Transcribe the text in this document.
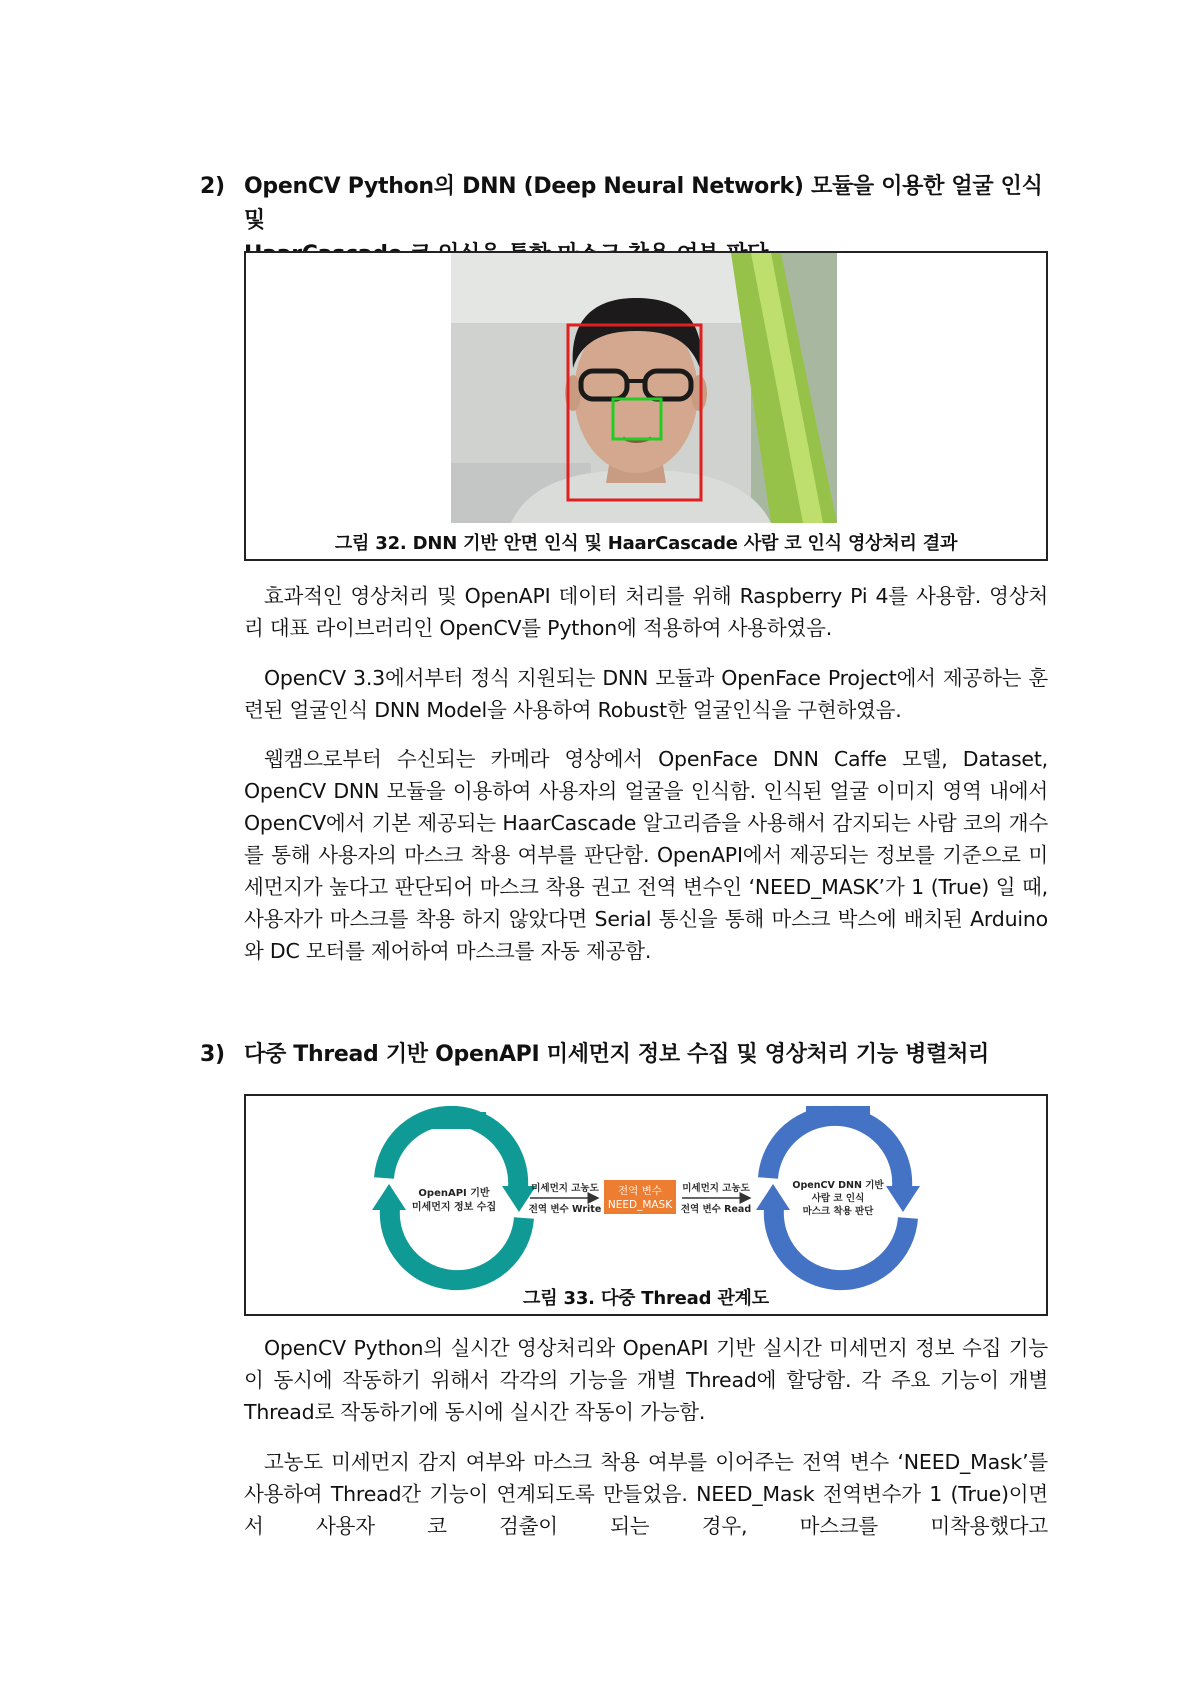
2) OpenCV Python의 DNN (Deep Neural Network) 모듈을 이용한 얼굴 인식 및

그림 32. DNN 기반 안면 인식 및 HaarCascade 사람 코 인식 영상처리 결과

효과적인 영상처리 및 OpenAPI 데이터 처리를 위해 Raspberry Pi 4를 사용함. 영상처리 대표 라이브러리인 OpenCV를 Python에 적용하여 사용하였음.

OpenCV 3.3에서부터 정식 지원되는 DNN 모듈과 OpenFace Project에서 제공하는 훈련된 얼굴인식 DNN Model을 사용하여 Robust한 얼굴인식을 구현하였음.

웹캠으로부터 수신되는 카메라 영상에서 OpenFace DNN Caffe 모델, Dataset, OpenCV DNN 모듈을 이용하여 사용자의 얼굴을 인식함. 인식된 얼굴 이미지 영역 내에서 OpenCV에서 기본 제공되는 HaarCascade 알고리즘을 사용해서 감지되는 사람 코의 개수를 통해 사용자의 마스크 착용 여부를 판단함. OpenAPI에서 제공되는 정보를 기준으로 미세먼지가 높다고 판단되어 마스크 착용 권고 전역 변수인 ‘NEED_MASK’가 1 (True) 일 때, 사용자가 마스크를 착용 하지 않았다면 Serial 통신을 통해 마스크 박스에 배치된 Arduino와 DC 모터를 제어하여 마스크를 자동 제공함.

3) 다중 Thread 기반 OpenAPI 미세먼지 정보 수집 및 영상처리 기능 병렬처리
Thread #1
OpenAPI 기반
미세먼지 정보 수집
미세먼지 고농도
전역 변수 Write
전역 변수
NEED_MASK
미세먼지 고농도
전역 변수 Read
Thread #2
OpenCV DNN 기반
사람 코 인식
마스크 착용 판단
그림 33. 다중 Thread 관계도

OpenCV Python의 실시간 영상처리와 OpenAPI 기반 실시간 미세먼지 정보 수집 기능이 동시에 작동하기 위해서 각각의 기능을 개별 Thread에 할당함. 각 주요 기능이 개별 Thread로 작동하기에 동시에 실시간 작동이 가능함.

고농도 미세먼지 감지 여부와 마스크 착용 여부를 이어주는 전역 변수 ‘NEED_Mask’를 사용하여 Thread간 기능이 연계되도록 만들었음. NEED_Mask 전역변수가 1 (True)이면서 사용자 코 검출이 되는 경우, 마스크를 미착용했다고
